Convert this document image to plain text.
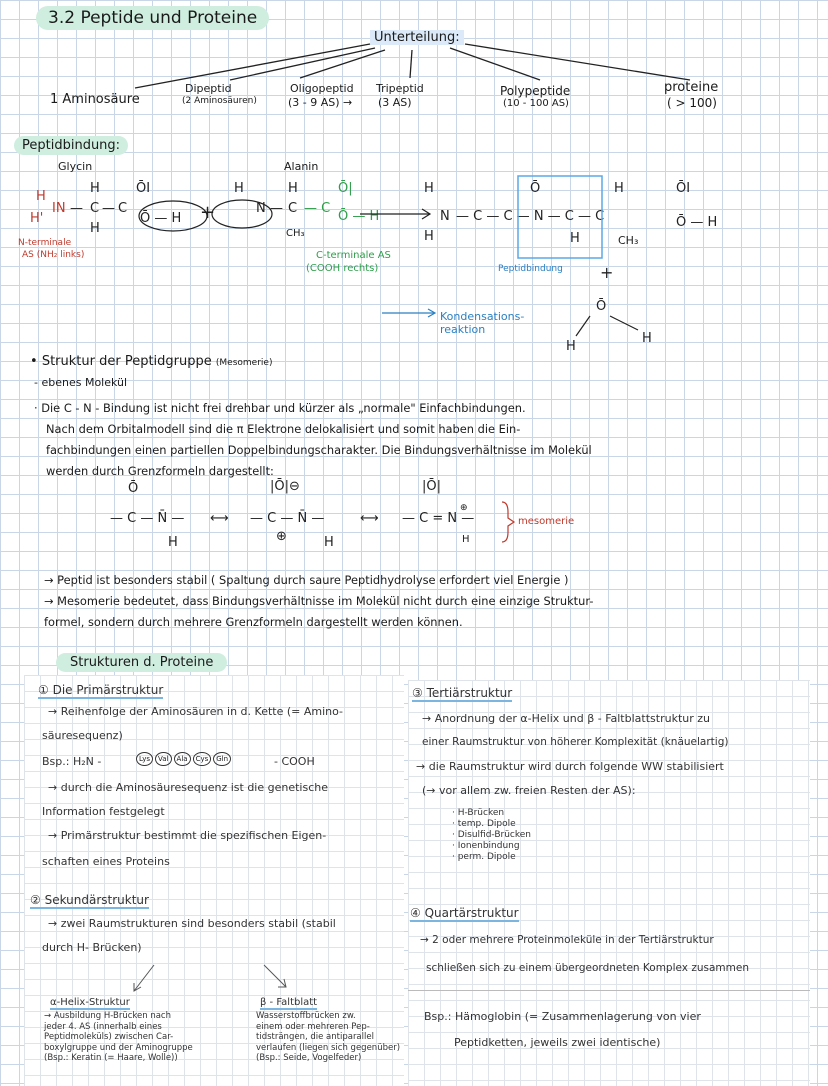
3.2 Peptide und Proteine
Unterteilung:
1 Aminosäure
Dipeptid
(2 Aminosäuren)
Oligopeptid
(3 - 9 AS) →
Tripeptid
(3 AS)
Polypeptide
(10 - 100 AS)
proteine
( > 100)
Peptidbindung:
Glycin	Alanin
H
H'
IN —
H
C
H
— C
ŌI
Ō — H +
H
N —
H
C
CH₃
— C
Ō|
Ō — H
H
N
H
— C — C — N — C — C
Ō
H
H
CH₃
ŌI
Ō — H
+
Ō
H
H
N-terminale
AS (NH₂ links)	C-terminale AS
(COOH rechts)	Peptidbindung
Kondensations-
reaktion
• Struktur der Peptidgruppe (Mesomerie)
- ebenes Molekül
· Die C - N - Bindung ist nicht frei drehbar und kürzer als „normale" Einfachbindungen.
Nach dem Orbitalmodell sind die π Elektrone delokalisiert und somit haben die Ein-
fachbindungen einen partiellen Doppelbindungscharakter. Die Bindungsverhältnisse im Molekül
werden durch Grenzformeln dargestellt:
Ō
— C — N̄ —
H
⟷
|Ō|⊖
— C — N̄ —
⊕	H
⟷
|Ō|
— C = N —
⊕
H
mesomerie
→ Peptid ist besonders stabil ( Spaltung durch saure Peptidhydrolyse erfordert viel Energie )
→ Mesomerie bedeutet, dass Bindungsverhältnisse im Molekül nicht durch eine einzige Struktur-
formel, sondern durch mehrere Grenzformeln dargestellt werden können.
Strukturen d. Proteine
① Die Primärstruktur
→ Reihenfolge der Aminosäuren in d. Kette (= Amino-
säuresequenz)
Bsp.: H₂N -	Lys	Val	Ala	Cys	Gln	- COOH
→ durch die Aminosäuresequenz ist die genetische
Information festgelegt
→ Primärstruktur bestimmt die spezifischen Eigen-
schaften eines Proteins
② Sekundärstruktur
→ zwei Raumstrukturen sind besonders stabil (stabil
durch H- Brücken)
α-Helix-Struktur
→ Ausbildung H-Brücken nach
jeder 4. AS (innerhalb eines
Peptidmoleküls) zwischen Car-
boxylgruppe und der Aminogruppe
(Bsp.: Keratin (= Haare, Wolle))
β - Faltblatt
Wasserstoffbrücken zw.
einem oder mehreren Pep-
tidsträngen, die antiparallel
verlaufen (liegen sich gegenüber)
(Bsp.: Seide, Vogelfeder)
③ Tertiärstruktur
→ Anordnung der α-Helix und β - Faltblattstruktur zu
einer Raumstruktur von höherer Komplexität (knäuelartig)
→ die Raumstruktur wird durch folgende WW stabilisiert
(→ vor allem zw. freien Resten der AS):
· H-Brücken
· temp. Dipole
· Disulfid-Brücken
· Ionenbindung
· perm. Dipole
④ Quartärstruktur
→ 2 oder mehrere Proteinmoleküle in der Tertiärstruktur
schließen sich zu einem übergeordneten Komplex zusammen
Bsp.: Hämoglobin (= Zusammenlagerung von vier
Peptidketten, jeweils zwei identische)
